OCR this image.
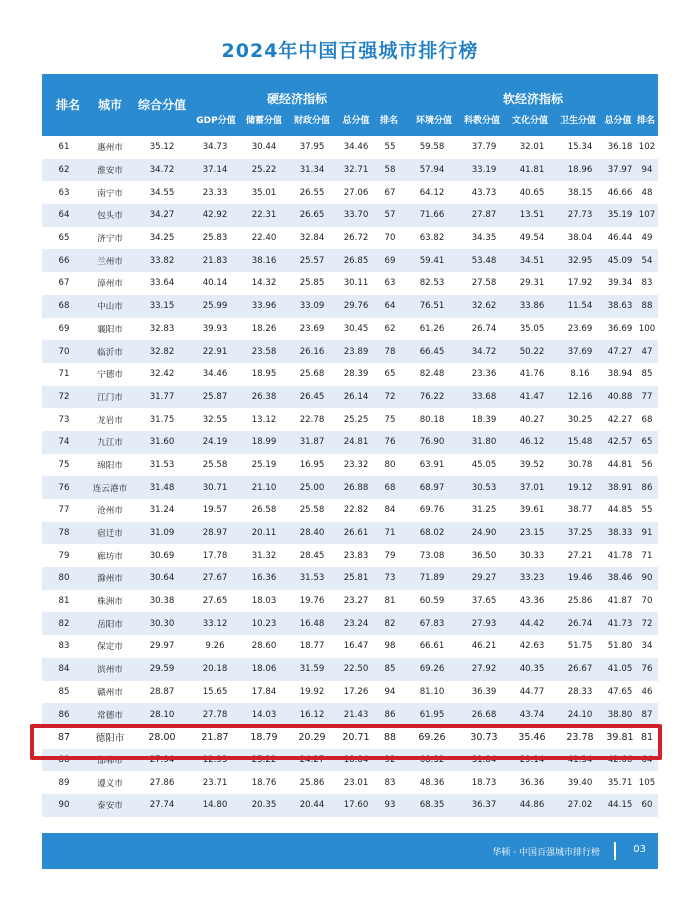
2024年中国百强城市排行榜
排名	城市	综合分值	硬经济指标	软经济指标
GDP分值	储蓄分值	财政分值	总分值	排名	环境分值	科教分值	文化分值	卫生分值 总分值 排名
61	惠州市	35.12	34.73	30.44	37.95	34.46	55	59.58	37.79	32.01	15.34	36.18	102
62	淮安市	34.72	37.14	25.22	31.34	32.71	58	57.94	33.19	41.81	18.96	37.97	94
63	南宁市	34.55	23.33	35.01	26.55	27.06	67	64.12	43.73	40.65	38.15	46.66	48
64	包头市	34.27	42.92	22.31	26.65	33.70	57	71.66	27.87	13.51	27.73	35.19	107
65	济宁市	34.25	25.83	22.40	32.84	26.72	70	63.82	34.35	49.54	38.04	46.44	49
66	兰州市	33.82	21.83	38.16	25.57	26.85	69	59.41	53.48	34.51	32.95	45.09	54
67	漳州市	33.64	40.14	14.32	25.85	30.11	63	82.53	27.58	29.31	17.92	39.34	83
68	中山市	33.15	25.99	33.96	33.09	29.76	64	76.51	32.62	33.86	11.54	38.63	88
69	襄阳市	32.83	39.93	18.26	23.69	30.45	62	61.26	26.74	35.05	23.69	36.69	100
70	临沂市	32.82	22.91	23.58	26.16	23.89	78	66.45	34.72	50.22	37.69	47.27	47
71	宁德市	32.42	34.46	18.95	25.68	28.39	65	82.48	23.36	41.76	8.16	38.94	85
72	江门市	31.77	25.87	26.38	26.45	26.14	72	76.22	33.68	41.47	12.16	40.88	77
73	龙岩市	31.75	32.55	13.12	22.78	25.25	75	80.18	18.39	40.27	30.25	42.27	68
74	九江市	31.60	24.19	18.99	31.87	24.81	76	76.90	31.80	46.12	15.48	42.57	65
75	绵阳市	31.53	25.58	25.19	16.95	23.32	80	63.91	45.05	39.52	30.78	44.81	56
76	连云港市	31.48	30.71	21.10	25.00	26.88	68	68.97	30.53	37.01	19.12	38.91	86
77	沧州市	31.24	19.57	26.58	25.58	22.82	84	69.76	31.25	39.61	38.77	44.85	55
78	宿迁市	31.09	28.97	20.11	28.40	26.61	71	68.02	24.90	23.15	37.25	38.33	91
79	廊坊市	30.69	17.78	31.32	28.45	23.83	79	73.08	36.50	30.33	27.21	41.78	71
80	滁州市	30.64	27.67	16.36	31.53	25.81	73	71.89	29.27	33.23	19.46	38.46	90
81	株洲市	30.38	27.65	18.03	19.76	23.27	81	60.59	37.65	43.36	25.86	41.87	70
82	岳阳市	30.30	33.12	10.23	16.48	23.24	82	67.83	27.93	44.42	26.74	41.73	72
83	保定市	29.97	9.26	28.60	18.77	16.47	98	66.61	46.21	42.63	51.75	51.80	34
84	滨州市	29.59	20.18	18.06	31.59	22.50	85	69.26	27.92	40.35	26.67	41.05	76
85	赣州市	28.87	15.65	17.84	19.92	17.26	94	81.10	36.39	44.77	28.33	47.65	46
86	常德市	28.10	27.78	14.03	16.12	21.43	86	61.95	26.68	43.74	24.10	38.80	87
87	德阳市	28.00	21.87	18.79	20.29	20.71	88	69.26	30.73	35.46	23.78	39.81	81
88	邯郸市	27.94	12.93	25.22	24.27	18.84	92	68.32	31.84	29.14	41.34	42.66	64
89	遵义市	27.86	23.71	18.76	25.86	23.01	83	48.36	18.73	36.36	39.40	35.71	105
90	泰安市	27.74	14.80	20.35	20.44	17.60	93	68.35	36.37	44.86	27.02	44.15	60
华顿 · 中国百强城市排行榜	03
